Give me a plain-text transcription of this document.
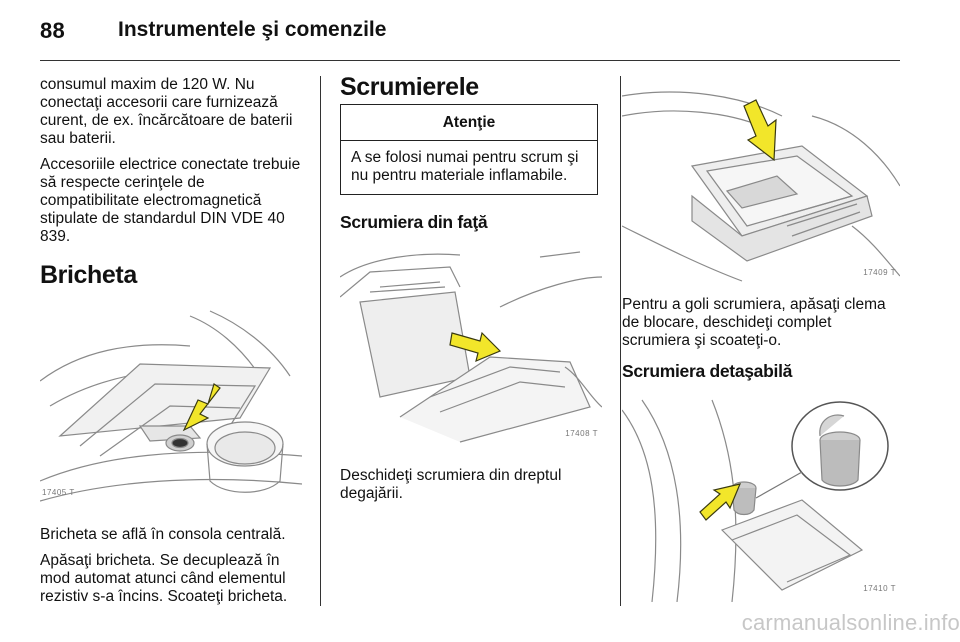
88	Instrumentele şi comenzile

consumul maxim de 120 W. Nu conectaţi accesorii care furnizează curent, de ex. încărcătoare de baterii sau baterii.

Accesoriile electrice conectate trebuie să respecte cerinţele de compatibilitate electromagnetică stipulate de standardul DIN VDE 40 839.

Bricheta
17405 T

Bricheta se află în consola centrală.

Apăsaţi bricheta. Se decuplează în mod automat atunci când elementul rezistiv s-a încins. Scoateţi bricheta.

Scrumierele
Atenţie
A se folosi numai pentru scrum şi nu pentru materiale inflamabile.
Scrumiera din faţă
17408 T

Deschideţi scrumiera din dreptul degajării.

17409 T

Pentru a goli scrumiera, apăsaţi clema de blocare, deschideţi complet scrumiera şi scoateţi-o.

Scrumiera detaşabilă
17410 T
carmanualsonline.info
